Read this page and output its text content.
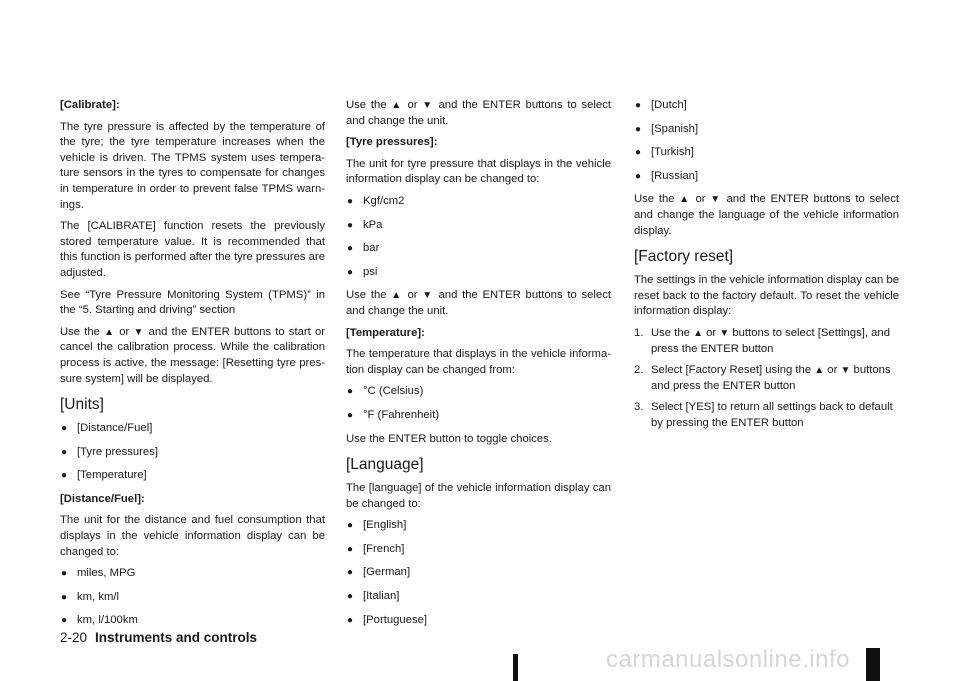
[Calibrate]:

The tyre pressure is affected by the temperature of the tyre; the tyre temperature increases when the vehicle is driven. The TPMS system uses tempera- ture sensors in the tyres to compensate for changes in temperature in order to prevent false TPMS warn- ings.

The [CALIBRATE] function resets the previously stored temperature value. It is recommended that this function is performed after the tyre pressures are adjusted.

See “Tyre Pressure Monitoring System (TPMS)” in the “5. Starting and driving” section

Use the ▲ or ▼ and the ENTER buttons to start or cancel the calibration process. While the calibration process is active, the message: [Resetting tyre pres- sure system] will be displayed.

[Units]
● [Distance/Fuel]
● [Tyre pressures]
● [Temperature]
[Distance/Fuel]:

The unit for the distance and fuel consumption that displays in the vehicle information display can be changed to:

● miles, MPG
● km, km/l
● km, l/100km

Use the ▲ or ▼ and the ENTER buttons to select and change the unit.

[Tyre pressures]:

The unit for tyre pressure that displays in the vehicle information display can be changed to:

● Kgf/cm2
● kPa
● bar
● psi

Use the ▲ or ▼ and the ENTER buttons to select and change the unit.

[Temperature]:

The temperature that displays in the vehicle informa- tion display can be changed from:

● °C (Celsius)
● °F (Fahrenheit)

Use the ENTER button to toggle choices.

[Language]

The [language] of the vehicle information display can be changed to:

● [English]
● [French]
● [German]
● [Italian]
● [Portuguese]
● [Dutch]
● [Spanish]
● [Turkish]
● [Russian]

Use the ▲ or ▼ and the ENTER buttons to select and change the language of the vehicle information display.

[Factory reset]

The settings in the vehicle information display can be reset back to the factory default. To reset the vehicle information display:

1. Use the ▲ or ▼ buttons to select [Settings], and press the ENTER button
2. Select [Factory Reset] using the ▲ or ▼ buttons and press the ENTER button
3. Select [YES] to return all settings back to default by pressing the ENTER button
2-20 Instruments and controls
carmanualsonline.info
